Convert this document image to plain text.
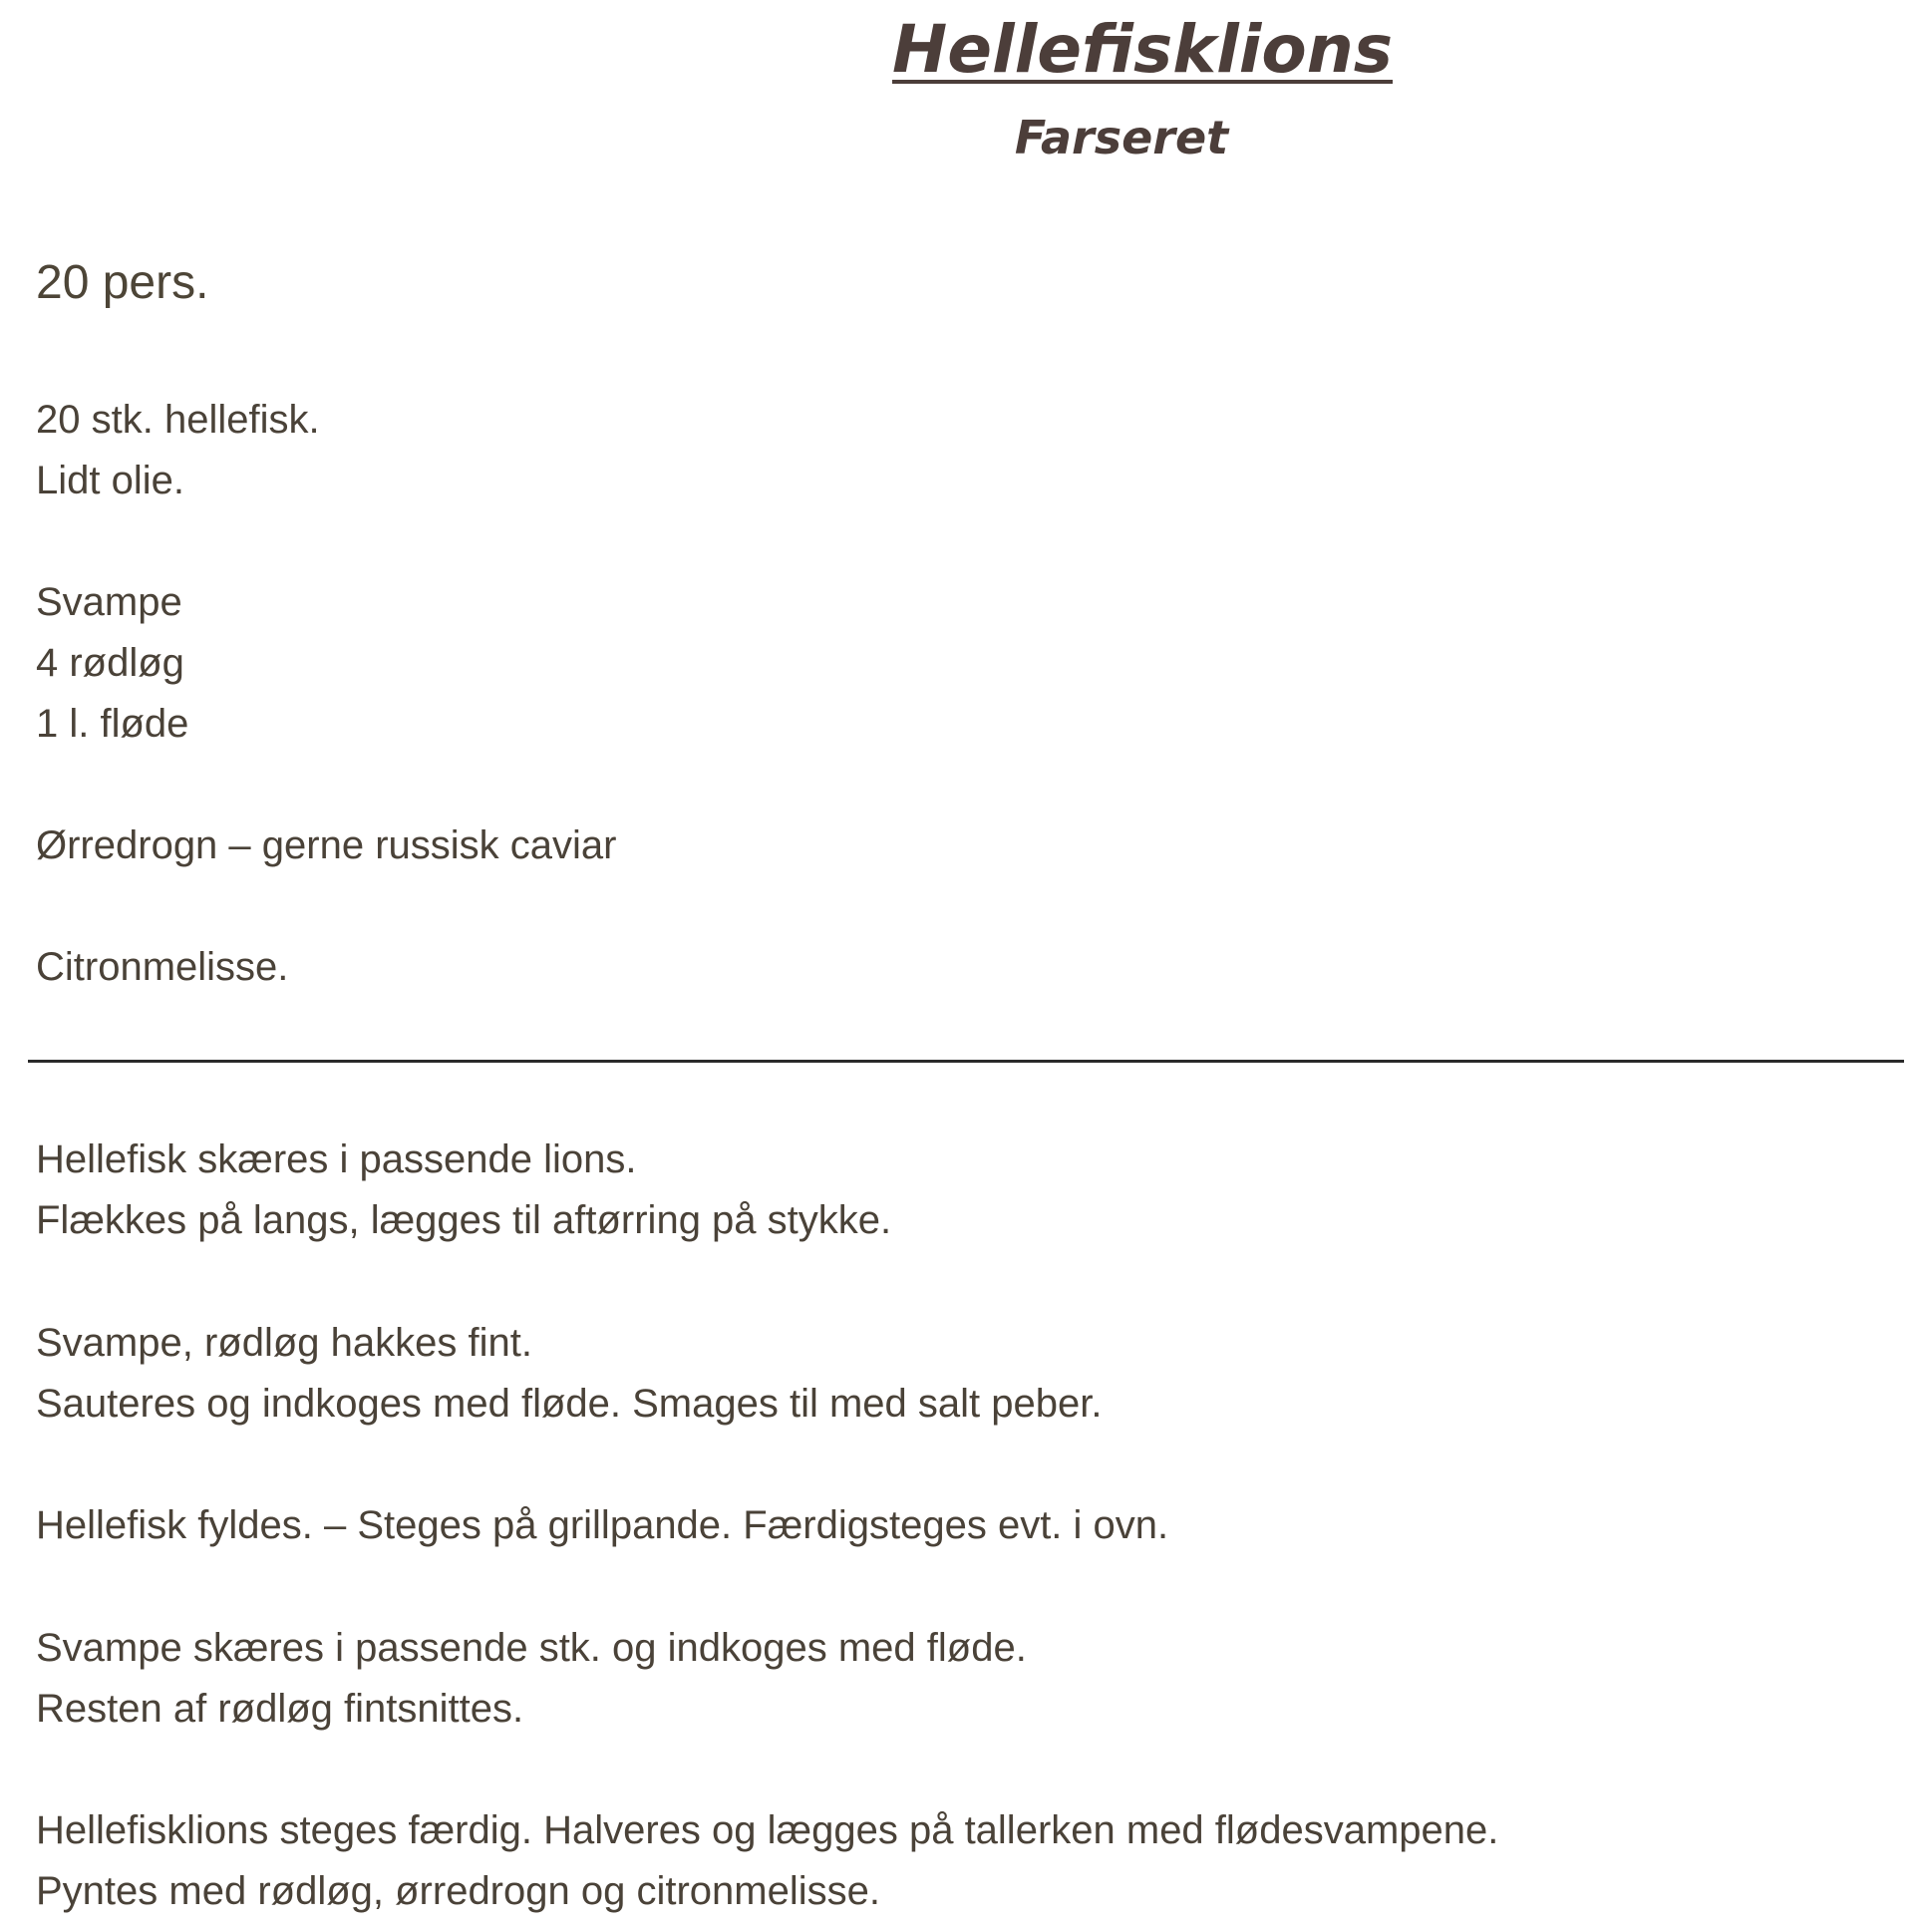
Hellefisklions
Farseret
20 pers.
20 stk. hellefisk.
Lidt olie.
Svampe
4 rødløg
1 l. fløde
Ørredrogn – gerne russisk caviar
Citronmelisse.
Hellefisk skæres i passende lions.
Flækkes på langs, lægges til aftørring på stykke.
Svampe, rødløg hakkes fint.
Sauteres og indkoges med fløde. Smages til med salt peber.
Hellefisk fyldes. – Steges på grillpande. Færdigsteges evt. i ovn.
Svampe skæres i passende stk. og indkoges med fløde.
Resten af rødløg fintsnittes.
Hellefisklions steges færdig. Halveres og lægges på tallerken med flødesvampene.
Pyntes med rødløg, ørredrogn og citronmelisse.
